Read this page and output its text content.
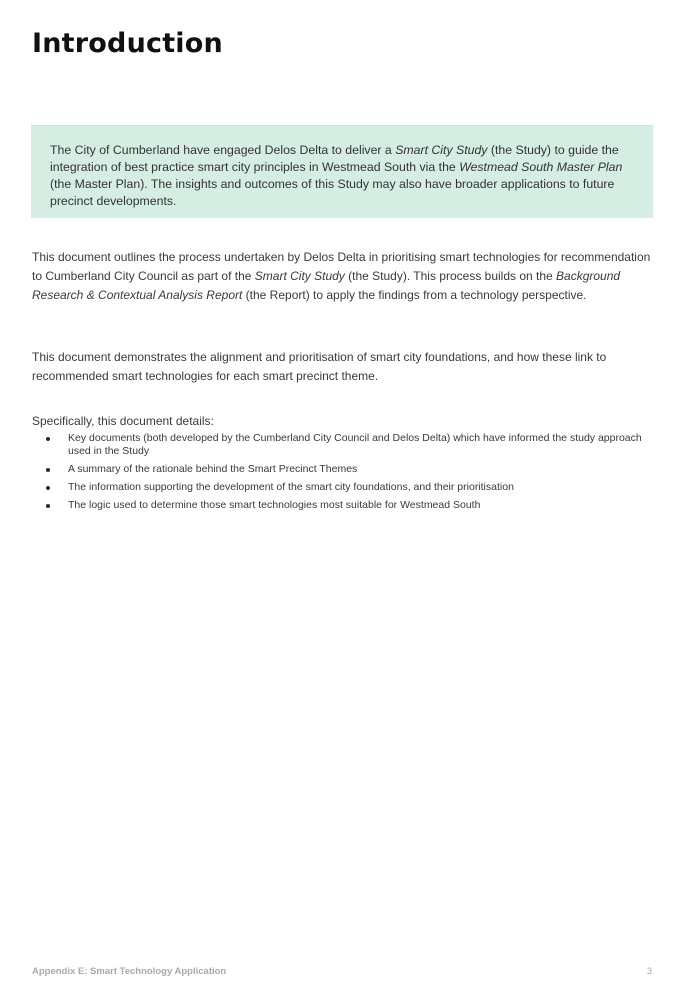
Introduction
The City of Cumberland have engaged Delos Delta to deliver a Smart City Study (the Study) to guide the integration of best practice smart city principles in Westmead South via the Westmead South Master Plan (the Master Plan). The insights and outcomes of this Study may also have broader applications to future precinct developments.

This document outlines the process undertaken by Delos Delta in prioritising smart technologies for recommendation to Cumberland City Council as part of the Smart City Study (the Study). This process builds on the Background Research & Contextual Analysis Report (the Report) to apply the findings from a technology perspective.

This document demonstrates the alignment and prioritisation of smart city foundations, and how these link to recommended smart technologies for each smart precinct theme.

Specifically, this document details:

Key documents (both developed by the Cumberland City Council and Delos Delta) which have informed the study approach used in the Study
A summary of the rationale behind the Smart Precinct Themes
The information supporting the development of the smart city foundations, and their prioritisation
The logic used to determine those smart technologies most suitable for Westmead South
Appendix E: Smart Technology Application	3
